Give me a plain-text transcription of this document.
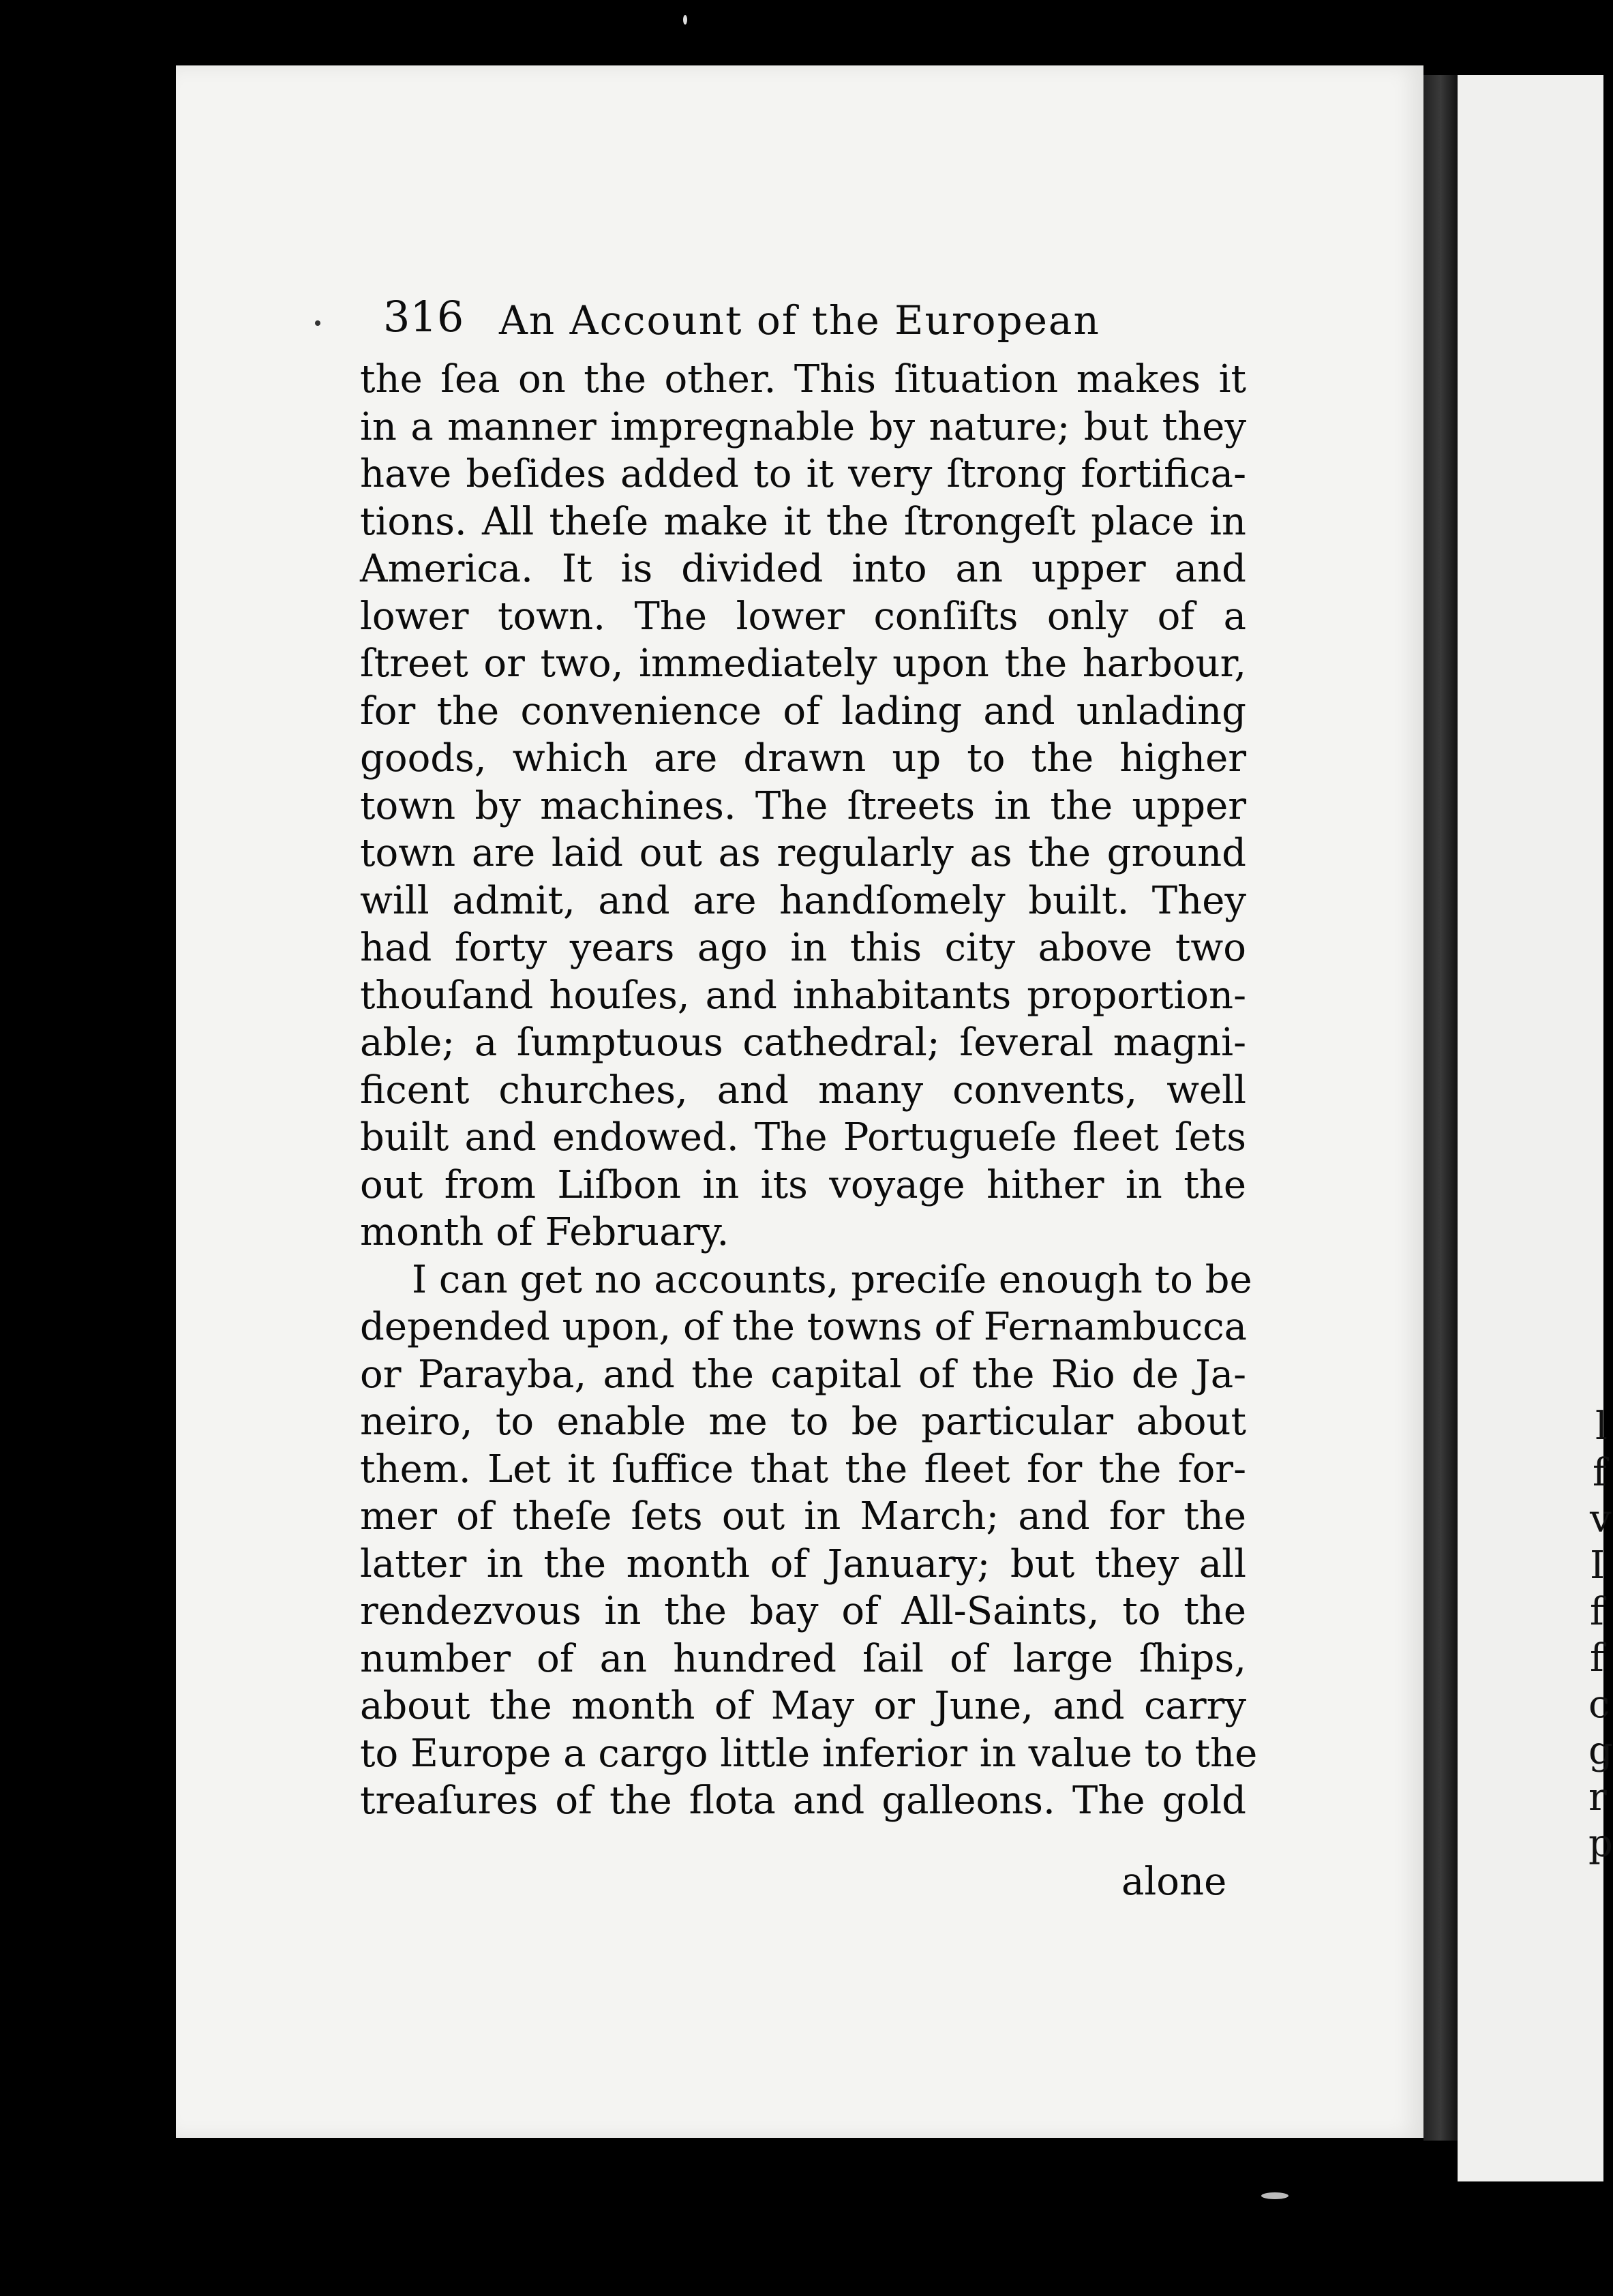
316 An Account of the European
the ſea on the other. This ſituation makes it
in a manner impregnable by nature; but they
have beſides added to it very ſtrong fortifica-
tions. All theſe make it the ſtrongeſt place in
America. It is divided into an upper and
lower town. The lower conſiſts only of a
ſtreet or two, immediately upon the harbour,
for the convenience of lading and unlading
goods, which are drawn up to the higher
town by machines. The ſtreets in the upper
town are laid out as regularly as the ground
will admit, and are handſomely built. They
had forty years ago in this city above two
thouſand houſes, and inhabitants proportion-
able; a ſumptuous cathedral; ſeveral magni-
ficent churches, and many convents, well
built and endowed. The Portugueſe fleet ſets
out from Liſbon in its voyage hither in the
month of February.
I can get no accounts, preciſe enough to be
depended upon, of the towns of Fernambucca
or Parayba, and the capital of the Rio de Ja-
neiro, to enable me to be particular about
them. Let it ſuffice that the fleet for the for-
mer of theſe ſets out in March; and for the
latter in the month of January; but they all
rendezvous in the bay of All-Saints, to the
number of an hundred ſail of large ſhips,
about the month of May or June, and carry
to Europe a cargo little inferior in value to the
treaſures of the flota and galleons. The gold
alone
l
f
v
I
f
f
c
g
r
p
